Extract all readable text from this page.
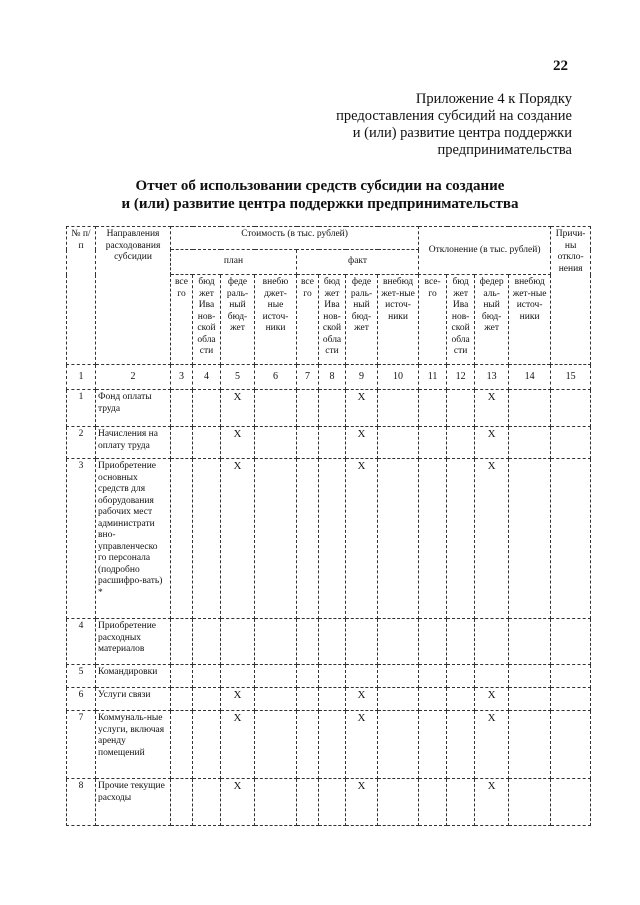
22
Приложение 4 к Порядку
предоставления субсидий на создание
и (или) развитие центра поддержки
предпринимательства
Отчет об использовании средств субсидии на создание
и (или) развитие центра поддержки предпринимательства
№ п/п	Направления расходования субсидии	Стоимость (в тыс. рублей)								Отклонение (в тыс. рублей)				Причи-ны откло-нения
		план				факт								
		все го	бюд жет Ива нов-ской обла сти	феде раль-ный бюд-жет	внебю джет-ные источ-ники	все го	бюд жет Ива нов-ской обла сти	феде раль-ный бюд-жет	внебюд жет-ные источ-ники	все-го	бюд жет Ива нов-ской обла сти	федер аль-ный бюд-жет	внебюд жет-ные источ-ники	
1	2	3	4	5	6	7	8	9	10	11	12	13	14	15
1	Фонд оплаты труда			X				X				X		
2	Начисления на оплату труда			X				X				X		
3	Приобретение основных средств для оборудования рабочих мест администрати вно-управленческо го персонала (подробно расшифро-вать) *			X				X				X		
4	Приобретение расходных материалов													
5	Командировки													
6	Услуги связи			X				X				X		
7	Коммуналь-ные услуги, включая аренду помещений			X				X				X		
8	Прочие текущие расходы			X				X				X		
